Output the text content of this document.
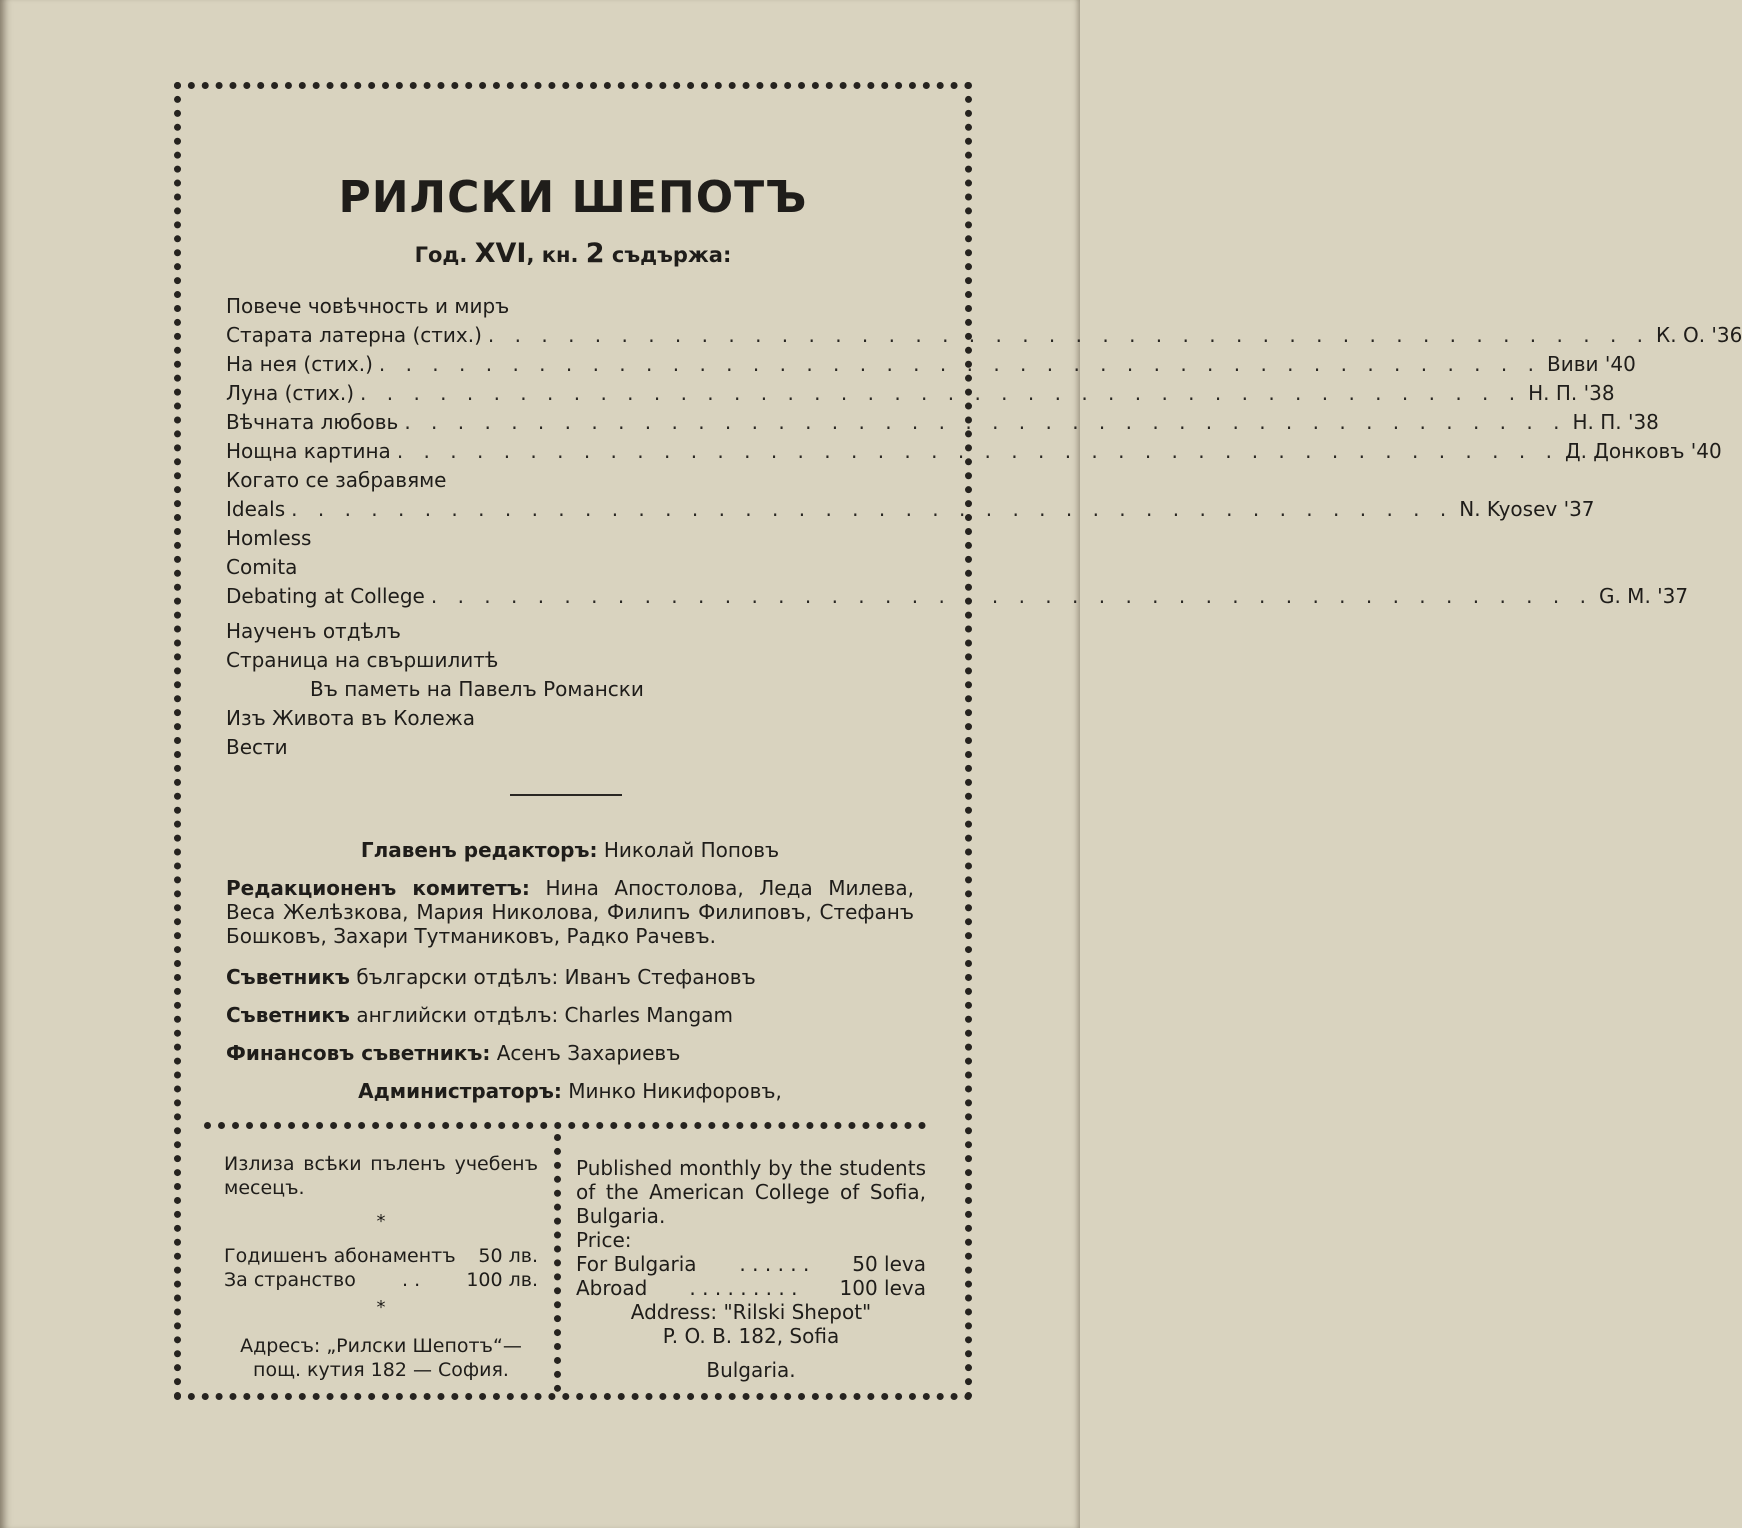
РИЛСКИ ШЕПОТЪ
Год. XVI, кн. 2 съдържа:
Повече човѣчность и миръ
Старата латерна (стих.) . . . . . . . . . . . . . . . . . . . . . . . . . . . . . . . . . . . . . . . . . . . . К. О. '36
На нея (стих.) . . . . . . . . . . . . . . . . . . . . . . . . . . . . . . . . . . . . . . . . . . . . Виви '40
Луна (стих.) . . . . . . . . . . . . . . . . . . . . . . . . . . . . . . . . . . . . . . . . . . . . Н. П. '38
Вѣчната любовь . . . . . . . . . . . . . . . . . . . . . . . . . . . . . . . . . . . . . . . . . . . . Н. П. '38
Нощна картина . . . . . . . . . . . . . . . . . . . . . . . . . . . . . . . . . . . . . . . . . . . . Д. Донковъ '40
Когато се забравяме
Ideals . . . . . . . . . . . . . . . . . . . . . . . . . . . . . . . . . . . . . . . . . . . . N. Kyosev '37
Homless
Comita
Debating at College . . . . . . . . . . . . . . . . . . . . . . . . . . . . . . . . . . . . . . . . . . . . G. M. '37
Наученъ отдѣлъ
Страница на свършилитѣ
Въ паметь на Павелъ Романски
Изъ Живота въ Колежа
Вести
Главенъ редакторъ: Николай Поповъ
Редакционенъ комитетъ: Нина Апостолова, Леда Милева, Веса Желѣзкова, Мария Николова, Филипъ Филиповъ, Стефанъ Бошковъ, Захари Тутманиковъ, Радко Рачевъ.
Съветникъ български отдѣлъ: Иванъ Стефановъ
Съветникъ английски отдѣлъ: Charles Mangam
Финансовъ съветникъ: Асенъ Захариевъ
Администраторъ: Минко Никифоровъ,
Излиза всѣки пъленъ учебенъ месецъ.
*
Годишенъ абонаментъ 50 лв.
За странство	. .	100 лв.
*
Адресъ: „Рилски Шепотъ“—
пощ. кутия 182 — София.
Published monthly by the students of the American College of Sofia, Bulgaria.
Price:
For Bulgaria	. . . . . .	50 leva
Abroad	. . . . . . . . .	100 leva
Address: "Rilski Shepot"
P. O. B. 182, Sofia
Bulgaria.
